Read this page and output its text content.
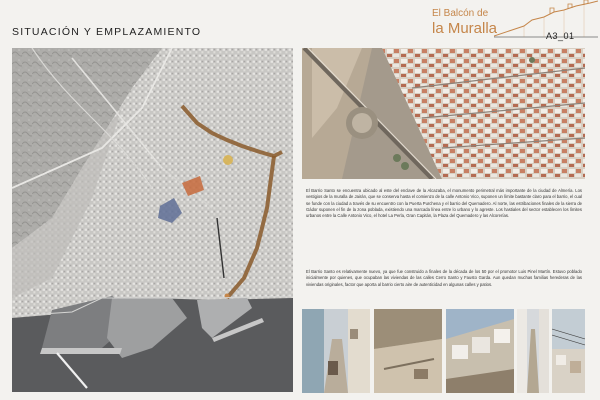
SITUACIÓN Y EMPLAZAMIENTO
El Balcón de
la Muralla	A3_01
El Barrio Santo se encuentra ubicado al este del enclave de la Alcazaba, el monumento perimetral más importante de la ciudad de Almería. Los vestigios de la muralla de Jairán, que se conserva hasta el comienzo de la calle Antonio Vico, suponen un límite bastante claro para el barrio, el cual se funde con la ciudad a través de su encuentro con la Puerta Purchena y el barrio del Quemadero. Al norte, las estribaciones finales de la sierra de Gádor suponen el fin de la zona poblada, existiendo una marcada línea entre lo urbano y lo agreste. Los hastiales del sector establecen los límites urbanos entre la Calle Antonio Vico, el hotel La Perla, Gran Capitán, la Plaza del Quemadero y las Alcorerías.
El Barrio Santo es relativamente nuevo, ya que fue construido a finales de la década de los 50 por el promotor Luis Pinel Martín. Estuvo poblado inicialmente por quienes, que ocupaban las viviendas de las calles Cerro Santo y Fausto Garda. Aun quedan muchas familias herederas de las viviendas originales, factor que aporta al barrio cierto aire de autenticidad en algunas calles y patios.
